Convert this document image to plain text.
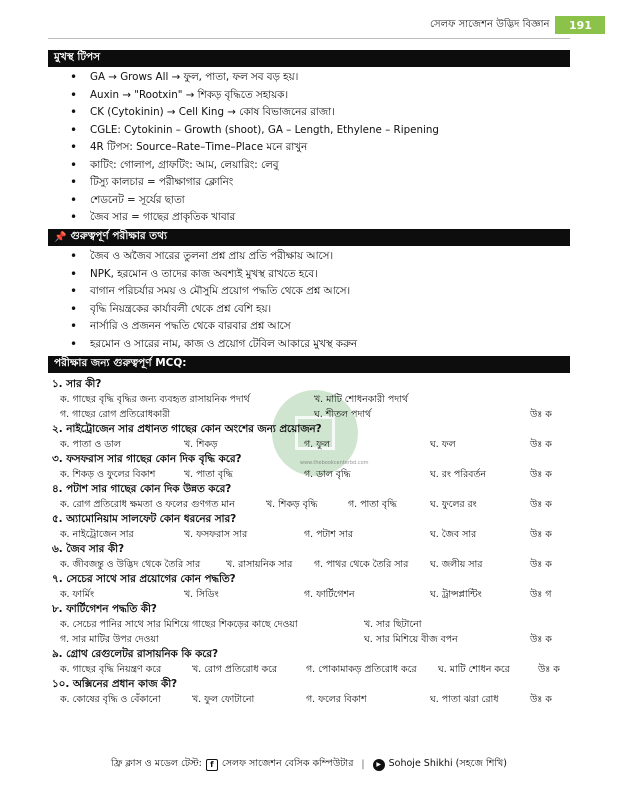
সেলফ সাজেশন উদ্ভিদ বিজ্ঞান	191
মুখস্থ টিপস
• GA → Grows All → ফুল, পাতা, ফল সব বড় হয়।
• Auxin → "Rootxin" → শিকড় বৃদ্ধিতে সহায়ক।
• CK (Cytokinin) → Cell King → কোষ বিভাজনের রাজা।
• CGLE: Cytokinin – Growth (shoot), GA – Length, Ethylene – Ripening
• 4R টিপস: Source–Rate–Time–Place মনে রাখুন
• কাটিং: গোলাপ, গ্রাফটিং: আম, লেয়ারিং: লেবু
• টিস্যু কালচার = পরীক্ষাগার ক্লোনিং
• শেডনেট = সূর্যের ছাতা
• জৈব সার = গাছের প্রাকৃতিক খাবার
📌 গুরুত্বপূর্ণ পরীক্ষার তথ্য
• জৈব ও অজৈব সারের তুলনা প্রশ্ন প্রায় প্রতি পরীক্ষায় আসে।
• NPK, হরমোন ও তাদের কাজ অবশ্যই মুখস্থ রাখতে হবে।
• বাগান পরিচর্যার সময় ও মৌসুমি প্রয়োগ পদ্ধতি থেকে প্রশ্ন আসে।
• বৃদ্ধি নিয়ন্ত্রকের কার্যাবলী থেকে প্রশ্ন বেশি হয়।
• নার্সারি ও প্রজনন পদ্ধতি থেকে বারবার প্রশ্ন আসে
• হরমোন ও সারের নাম, কাজ ও প্রয়োগ টেবিল আকারে মুখস্থ করুন
পরীক্ষার জন্য গুরুত্বপূর্ণ MCQ:
www.thebookcenterbd.com
১. সার কী?
ক. গাছের বৃদ্ধি বৃদ্ধির জন্য ব্যবহৃত রাসায়নিক পদার্থ	খ. মাটি শোধনকারী পদার্থ
গ. গাছের রোগ প্রতিরোধকারী	ঘ. শীতল পদার্থ	উঃ ক
২. নাইট্রোজেন সার প্রধানত গাছের কোন অংশের জন্য প্রয়োজন?
ক. পাতা ও ডাল	খ. শিকড়	গ. ফুল	ঘ. ফল	উঃ ক
৩. ফসফরাস সার গাছের কোন দিক বৃদ্ধি করে?
ক. শিকড় ও ফুলের বিকাশ	খ. পাতা বৃদ্ধি	গ. ডাল বৃদ্ধি	ঘ. রং পরিবর্তন	উঃ ক
৪. পটাশ সার গাছের কোন দিক উন্নত করে?
ক. রোগ প্রতিরোধ ক্ষমতা ও ফলের গুণগত মান	খ. শিকড় বৃদ্ধি	গ. পাতা বৃদ্ধি	ঘ. ফুলের রং	উঃ ক
৫. অ্যামোনিয়াম সালফেট কোন ধরনের সার?
ক. নাইট্রোজেন সার	খ. ফসফরাস সার	গ. পটাশ সার	ঘ. জৈব সার	উঃ ক
৬. জৈব সার কী?
ক. জীবজন্তু ও উদ্ভিদ থেকে তৈরি সার	খ. রাসায়নিক সার গ. পাথর থেকে তৈরি সার ঘ. জলীয় সার	উঃ ক
৭. সেচের সাথে সার প্রয়োগের কোন পদ্ধতি?
ক. ফার্মিং	খ. সিডিং	গ. ফার্টিগেশন	ঘ. ট্রান্সপ্লান্টিং	উঃ গ
৮. ফার্টিগেশন পদ্ধতি কী?
ক. সেচের পানির সাথে সার মিশিয়ে গাছের শিকড়ের কাছে দেওয়া	খ. সার ছিটানো
গ. সার মাটির উপর দেওয়া	ঘ. সার মিশিয়ে বীজ বপন	উঃ ক
৯. গ্রোথ রেগুলেটর রাসায়নিক কি করে?
ক. গাছের বৃদ্ধি নিয়ন্ত্রণ করে	খ. রোগ প্রতিরোধ করে	গ. পোকামাকড় প্রতিরোধ করে ঘ. মাটি শোধন করে	উঃ ক
১০. অক্সিনের প্রধান কাজ কী?
ক. কোষের বৃদ্ধি ও বেঁকানো	খ. ফুল ফোটানো	গ. ফলের বিকাশ	ঘ. পাতা ঝরা রোধ	উঃ ক
ফ্রি ক্লাস ও মডেল টেস্ট:	f সেলফ সাজেশন বেসিক কম্পিউটার |	▶ Sohoje Shikhi (সহজে শিখি)
